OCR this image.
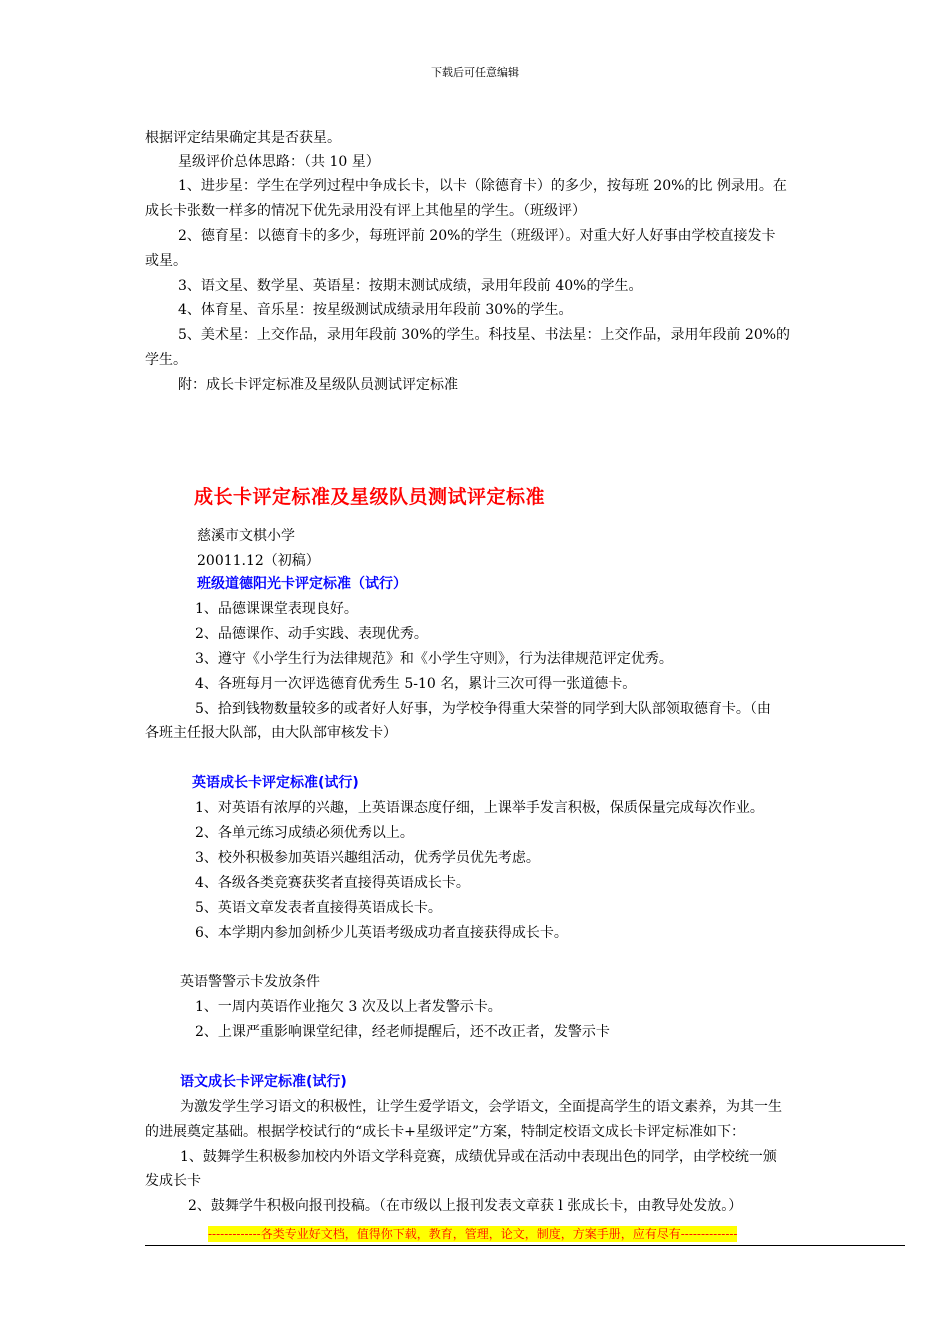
下载后可任意编辑
根据评定结果确定其是否获星。
星级评价总体思路：（共 10 星）
1、进步星：学生在学列过程中争成长卡，以卡（除德育卡）的多少，按每班 20%的比 例录用。在
成长卡张数一样多的情况下优先录用没有评上其他星的学生。（班级评）
2、德育星：以德育卡的多少，每班评前 20%的学生（班级评）。对重大好人好事由学校直接发卡
或星。
3、语文星、数学星、英语星：按期末测试成绩，录用年段前 40%的学生。
4、体育星、音乐星：按星级测试成绩录用年段前 30%的学生。
5、美术星：上交作品，录用年段前 30%的学生。科技星、书法星：上交作品，录用年段前 20%的
学生。
附：成长卡评定标准及星级队员测试评定标准
成长卡评定标准及星级队员测试评定标准
慈溪市文棋小学
20011.12（初稿）
班级道德阳光卡评定标准（试行）
1、品德课课堂表现良好。
2、品德课作、动手实践、表现优秀。
3、遵守《小学生行为法律规范》和《小学生守则》，行为法律规范评定优秀。
4、各班每月一次评选德育优秀生 5-10 名，累计三次可得一张道德卡。
5、拾到钱物数量较多的或者好人好事，为学校争得重大荣誉的同学到大队部领取德育卡。（由
各班主任报大队部，由大队部审核发卡）
英语成长卡评定标准(试行)
1、对英语有浓厚的兴趣，上英语课态度仔细，上课举手发言积极，保质保量完成每次作业。
2、各单元练习成绩必须优秀以上。
3、校外积极参加英语兴趣组活动，优秀学员优先考虑。
4、各级各类竞赛获奖者直接得英语成长卡。
5、英语文章发表者直接得英语成长卡。
6、本学期内参加剑桥少儿英语考级成功者直接获得成长卡。
英语警警示卡发放条件
1、一周内英语作业拖欠 3 次及以上者发警示卡。
2、上课严重影响课堂纪律，经老师提醒后，还不改正者，发警示卡
语文成长卡评定标准(试行)
为激发学生学习语文的积极性，让学生爱学语文，会学语文，全面提高学生的语文素养，为其一生
的进展奠定基础。根据学校试行的“成长卡+星级评定”方案，特制定校语文成长卡评定标准如下：
1、鼓舞学生积极参加校内外语文学科竞赛，成绩优异或在活动中表现出色的同学，由学校统一颁
发成长卡
2、鼓舞学牛积极向报刊投稿。（在市级以上报刊发表文章获 l 张成长卡，由教导处发放。）
-------------各类专业好文档，值得你下载，教育，管理，论文，制度，方案手册，应有尽有--------------
